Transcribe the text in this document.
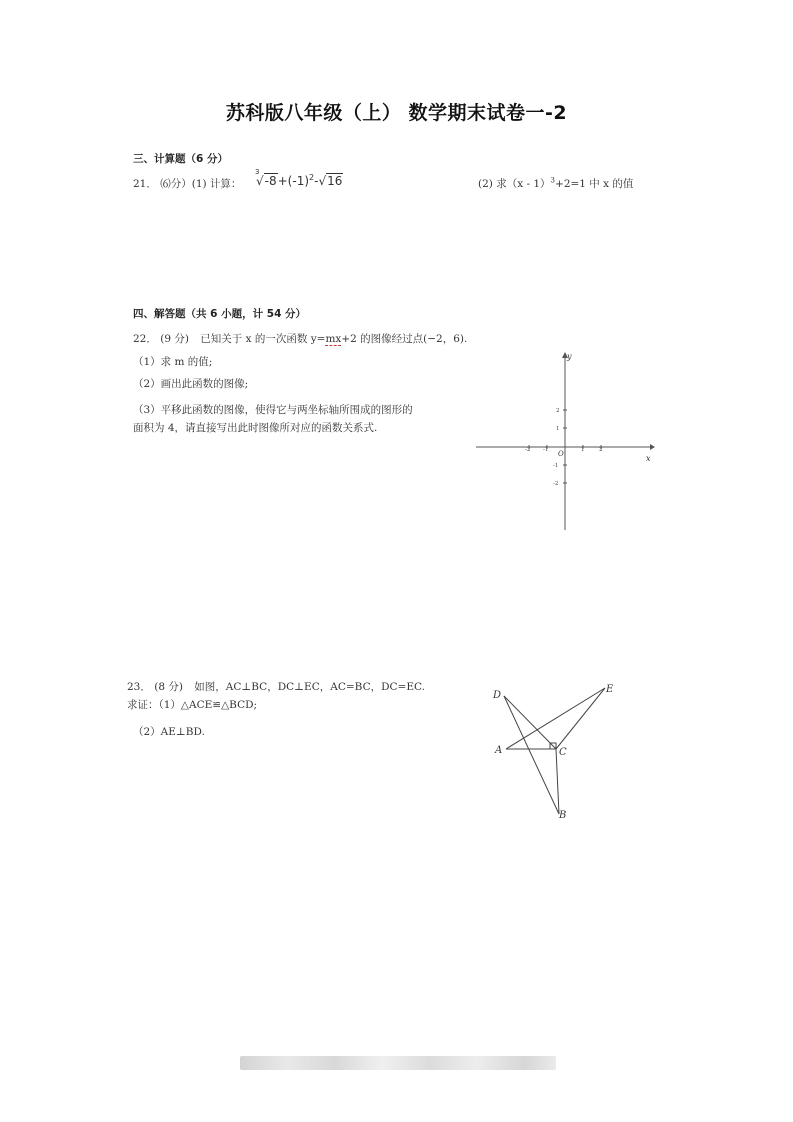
苏科版八年级（上） 数学期末试卷一-2
三、计算题（6 分）
21． ⑹分）(1) 计算：
3
$√-8+(-1)^2-√16$	(2) 求（x - 1）$^3$+2=1 中 x 的值
四、解答题（共 6 小题，计 54 分）
22． (9 分) 已知关于 x 的一次函数 y=mx+2 的图像经过点(−2，6).
（1）求 m 的值;
（2）画出此函数的图像;
（3）平移此函数的图像，使得它与两坐标轴所围成的图形的
面积为 4，请直接写出此时图像所对应的函数关系式.
x
y
O
-2 -1	1	2
2
1
-1
-2
23． (8 分) 如图，AC⊥BC，DC⊥EC，AC=BC，DC=EC.
求证：（1）△ACE≌△BCD;
（2）AE⊥BD.
D
E
A	C
B
